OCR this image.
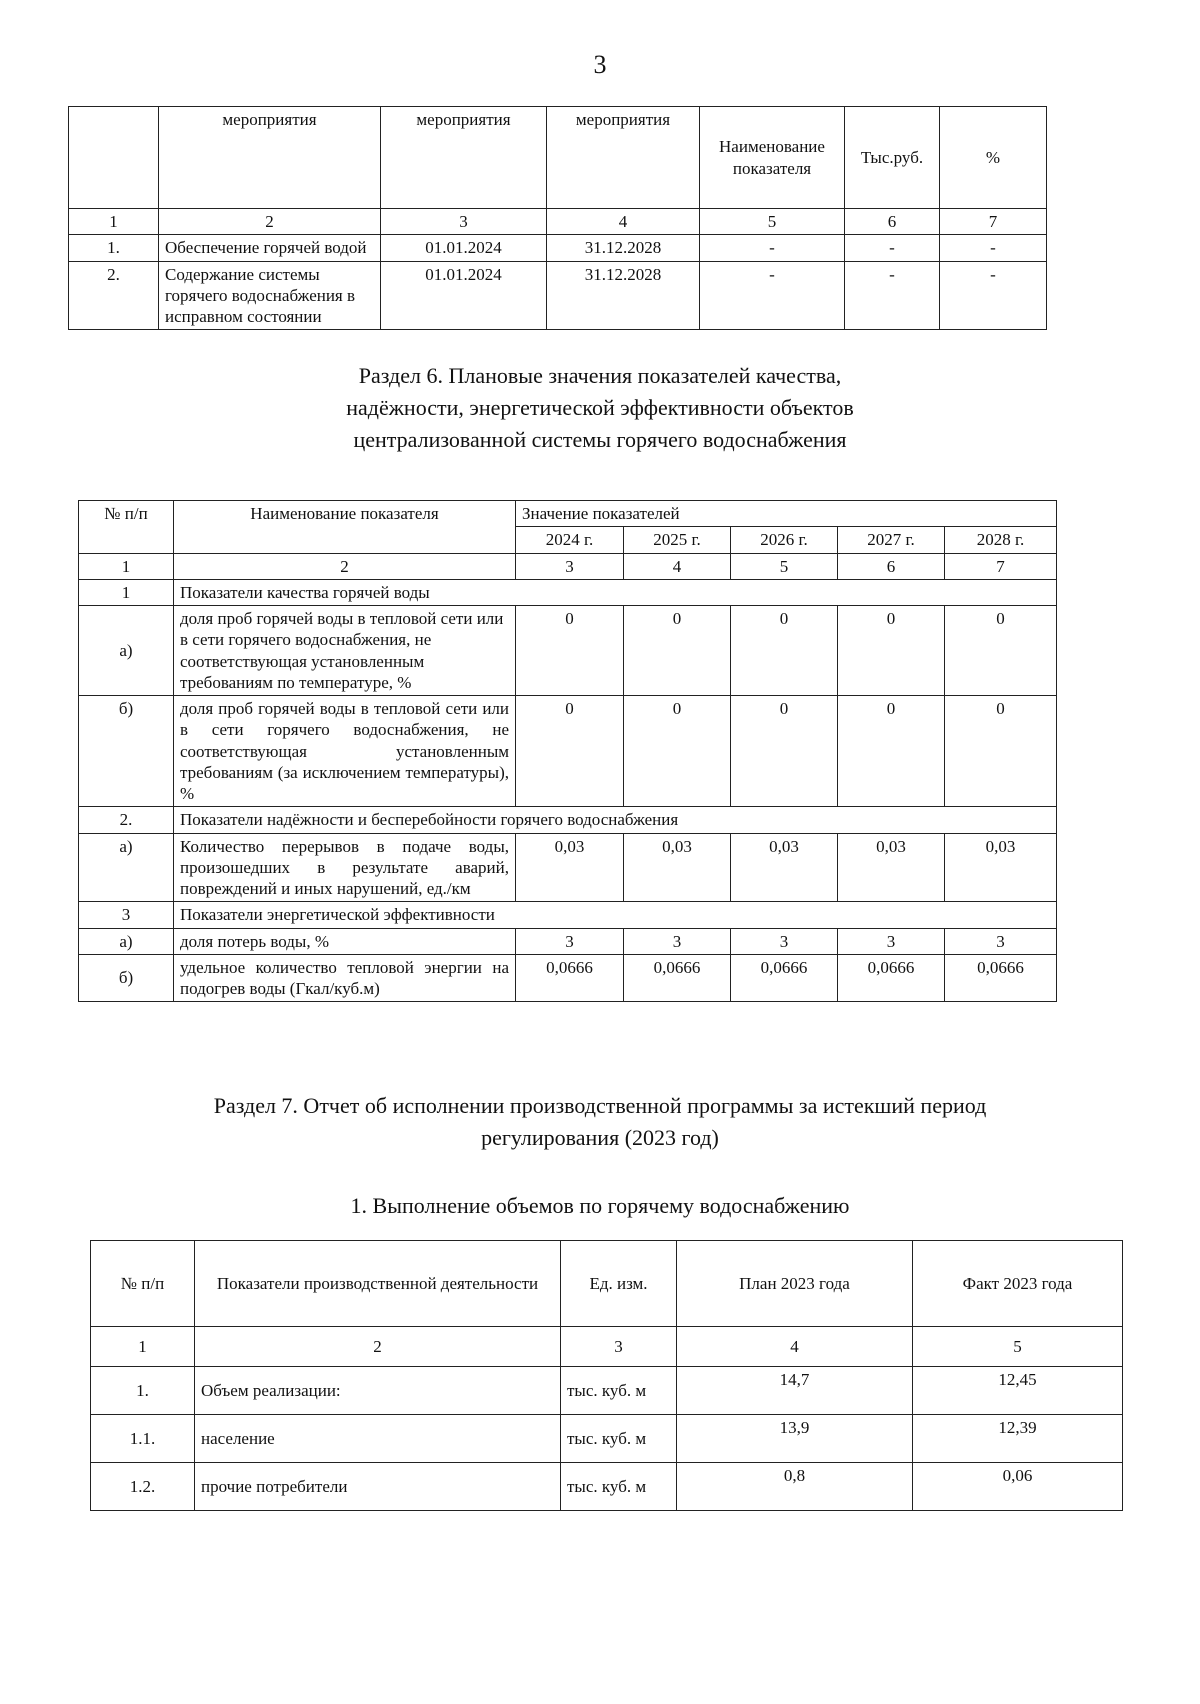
3
	мероприятия	мероприятия	мероприятия	Наименование показателя	Тыс.руб.	%
1	2	3	4	5	6	7
1.	Обеспечение горячей водой	01.01.2024	31.12.2028	-	-	-
2.	Содержание системы горячего водоснабжения в исправном состоянии	01.01.2024	31.12.2028	-	-	-
Раздел 6. Плановые значения показателей качества, надёжности, энергетической эффективности объектов централизованной системы горячего водоснабжения
№ п/п	Наименование показателя	Значение показателей				
		2024 г.	2025 г.	2026 г.	2027 г.	2028 г.
1	2	3	4	5	6	7
1	Показатели качества горячей воды					
а)	доля проб горячей воды в тепловой сети или в сети горячего водоснабжения, не соответствующая установленным требованиям по температуре, %	0	0	0	0	0
б)	доля проб горячей воды в тепловой сети или в сети горячего водоснабжения, не соответствующая установленным требованиям (за исключением температуры), %	0	0	0	0	0
2.	Показатели надёжности и бесперебойности горячего водоснабжения					
а)	Количество перерывов в подаче воды, произошедших в результате аварий, повреждений и иных нарушений, ед./км	0,03	0,03	0,03	0,03	0,03
3	Показатели энергетической эффективности					
а)	доля потерь воды, %	3	3	3	3	3
б)	удельное количество тепловой энергии на подогрев воды (Гкал/куб.м)	0,0666	0,0666	0,0666	0,0666	0,0666
Раздел 7. Отчет об исполнении производственной программы за истекший период регулирования (2023 год)
1. Выполнение объемов по горячему водоснабжению
№ п/п	Показатели производственной деятельности	Ед. изм.	План 2023 года	Факт 2023 года
1	2	3	4	5
1.	Объем реализации:	тыс. куб. м	14,7	12,45
1.1.	население	тыс. куб. м	13,9	12,39
1.2.	прочие потребители	тыс. куб. м	0,8	0,06
